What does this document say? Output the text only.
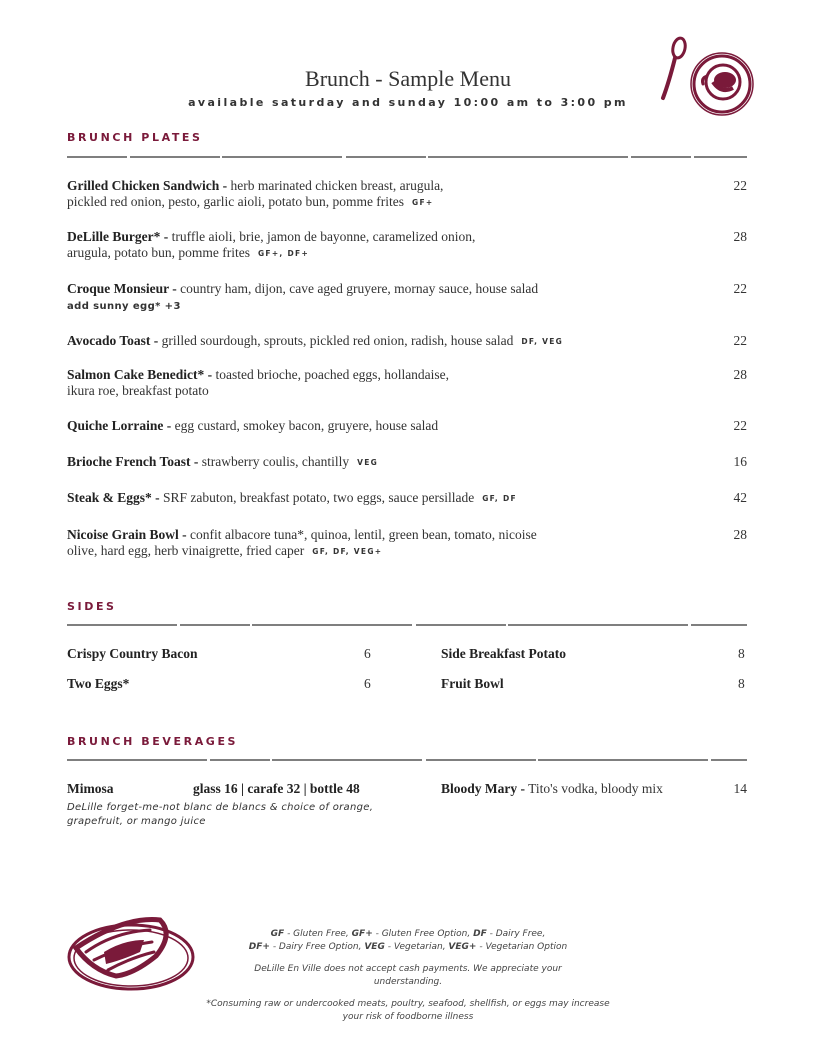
Brunch - Sample Menu
available saturday and sunday 10:00 am to 3:00 pm
BRUNCH PLATES
Grilled Chicken Sandwich - herb marinated chicken breast, arugula,
pickled red onion, pesto, garlic aioli, potato bun, pomme frites GF+
22
DeLille Burger* - truffle aioli, brie, jamon de bayonne, caramelized onion,
arugula, potato bun, pomme frites GF+, DF+
28
Croque Monsieur - country ham, dijon, cave aged gruyere, mornay sauce, house salad
add sunny egg* +3
22
Avocado Toast - grilled sourdough, sprouts, pickled red onion, radish, house salad DF, VEG	22
Salmon Cake Benedict* - toasted brioche, poached eggs, hollandaise,
ikura roe, breakfast potato
28
Quiche Lorraine - egg custard, smokey bacon, gruyere, house salad	22
Brioche French Toast - strawberry coulis, chantilly VEG	16
Steak & Eggs* - SRF zabuton, breakfast potato, two eggs, sauce persillade GF, DF	42
Nicoise Grain Bowl - confit albacore tuna*, quinoa, lentil, green bean, tomato, nicoise
olive, hard egg, herb vinaigrette, fried caper GF, DF, VEG+
28
SIDES
Crispy Country Bacon	6	Side Breakfast Potato	8
Two Eggs*	6	Fruit Bowl	8
BRUNCH BEVERAGES
Mimosa	glass 16 | carafe 32 | bottle 48
DeLille forget-me-not blanc de blancs & choice of orange, grapefruit, or mango juice
Bloody Mary - Tito's vodka, bloody mix	14
GF - Gluten Free, GF+ - Gluten Free Option, DF - Dairy Free,
DF+ - Dairy Free Option, VEG - Vegetarian, VEG+ - Vegetarian Option
DeLille En Ville does not accept cash payments. We appreciate your understanding.
*Consuming raw or undercooked meats, poultry, seafood, shellfish, or eggs may increase your risk of foodborne illness
